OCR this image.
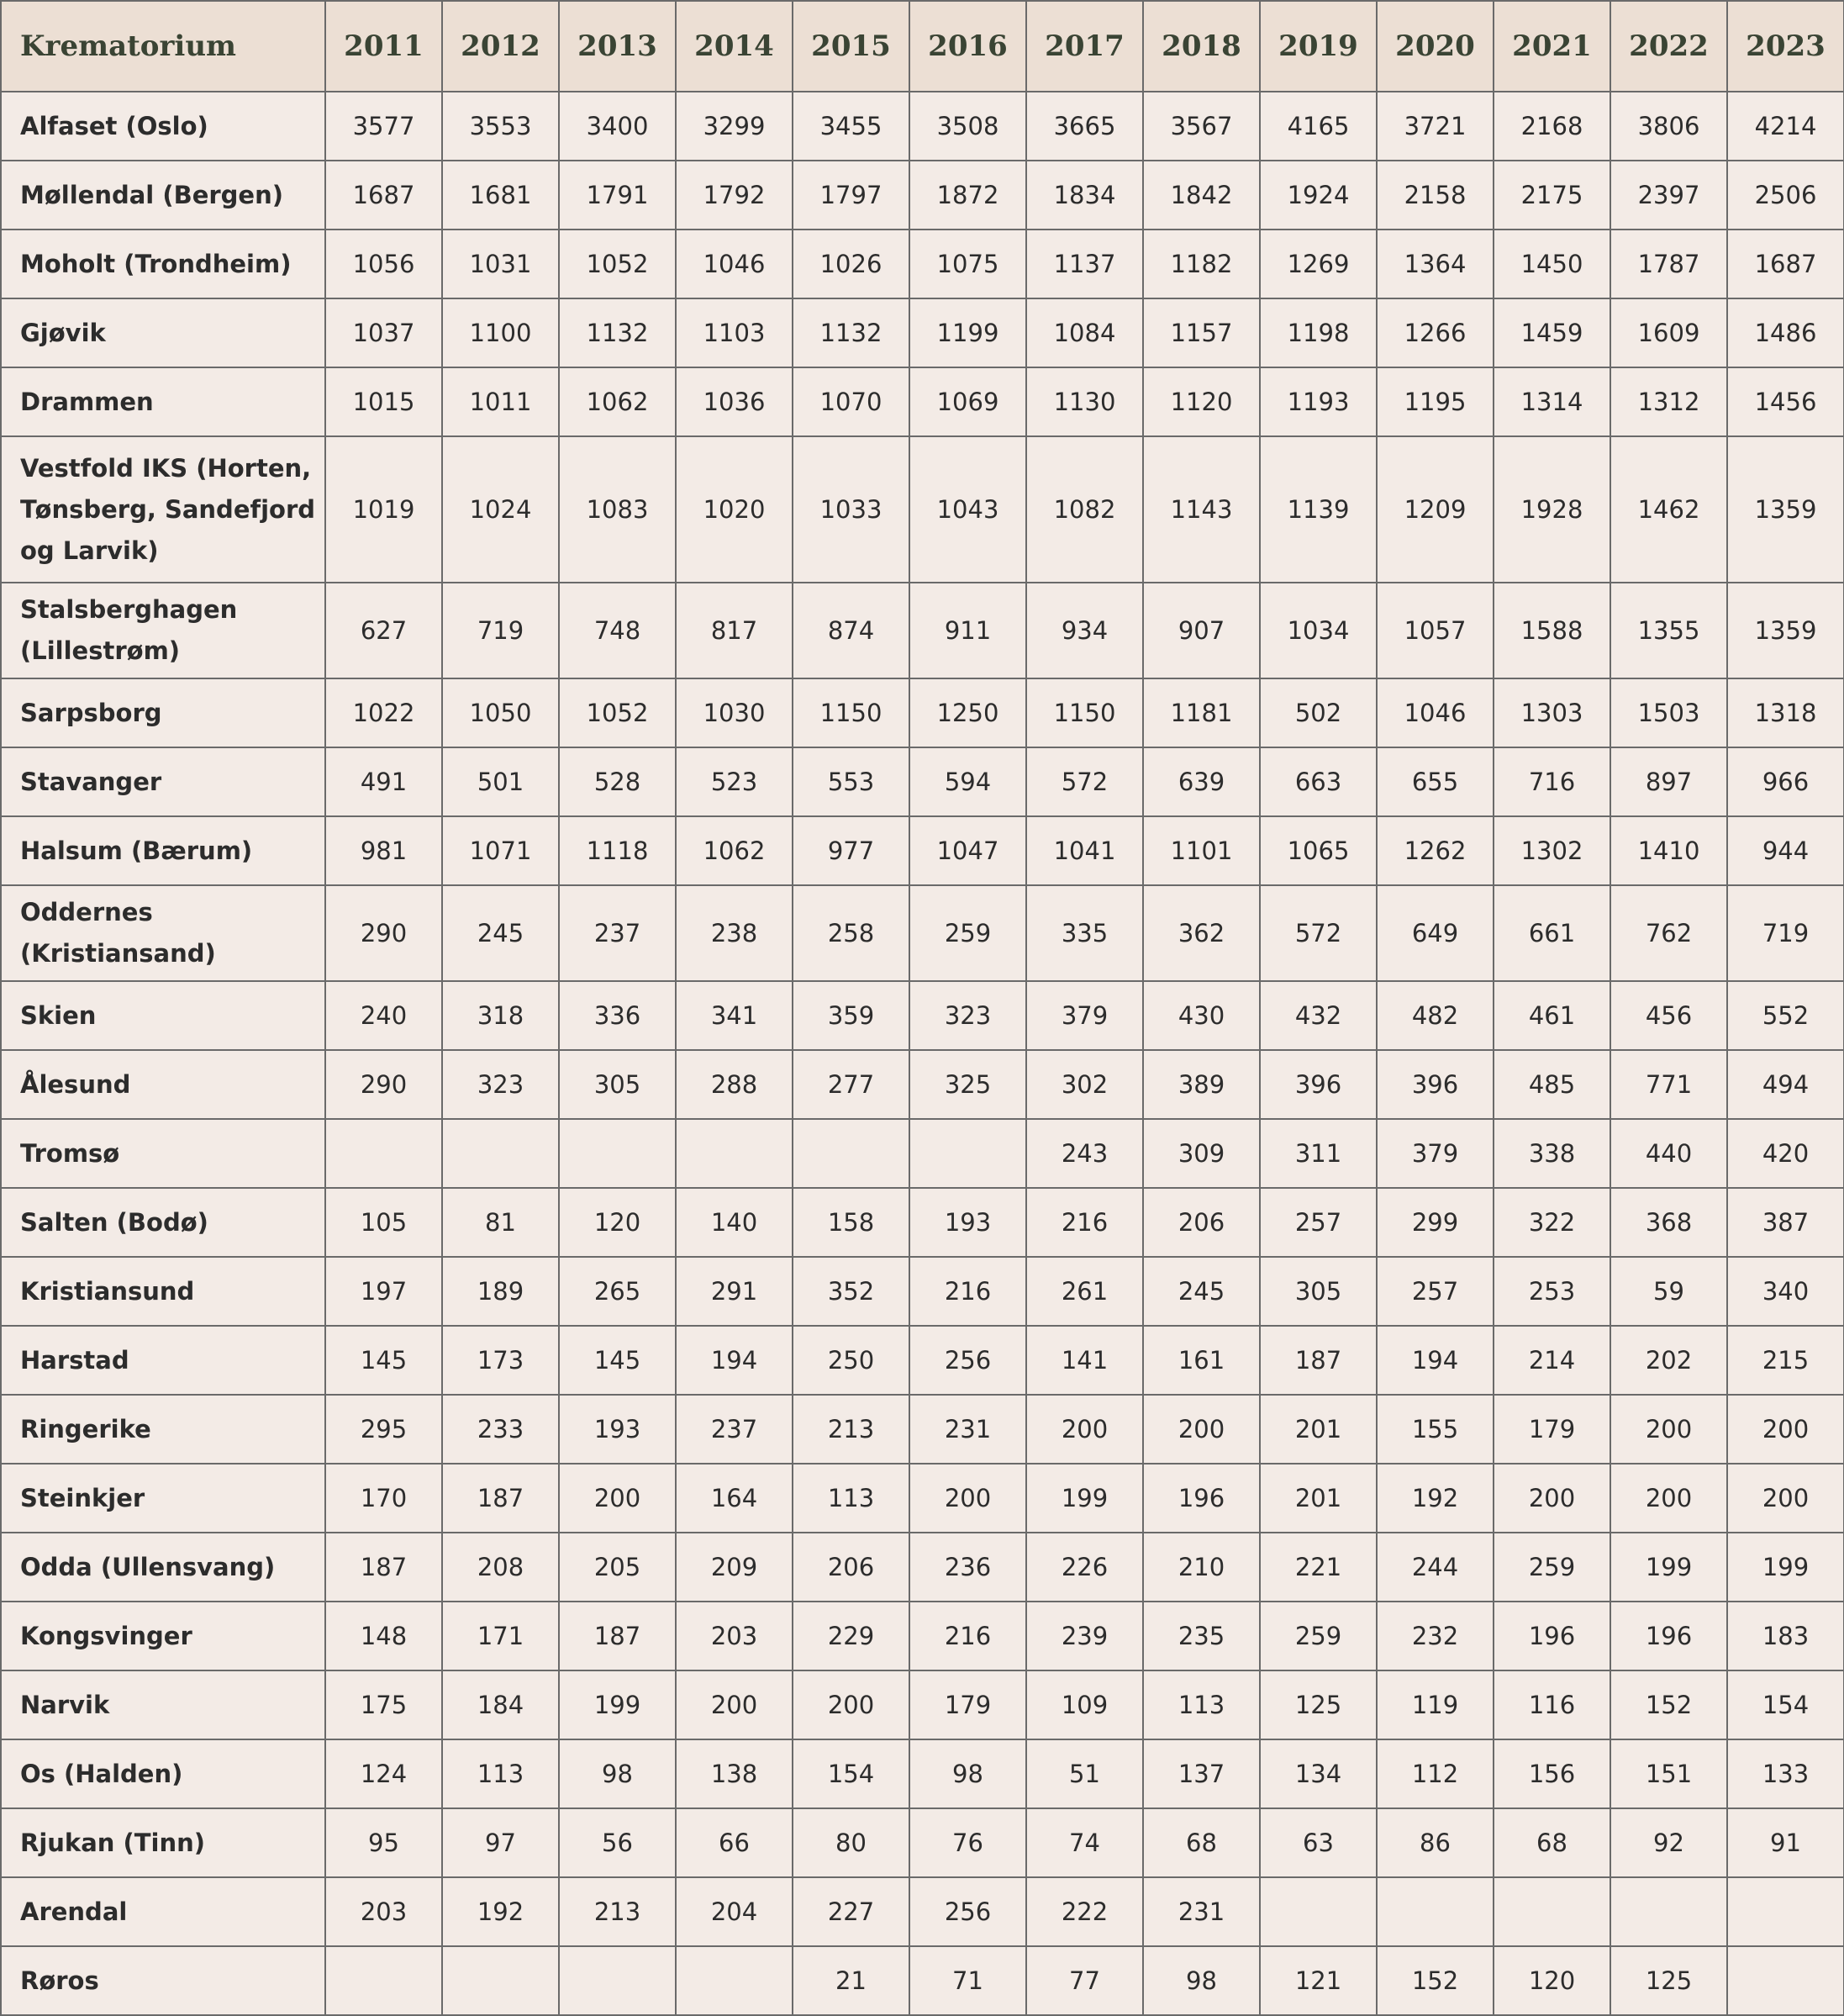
Krematorium	2011	2012	2013	2014	2015	2016	2017	2018	2019	2020	2021	2022	2023
Alfaset (Oslo)	3577	3553	3400	3299	3455	3508	3665	3567	4165	3721	2168	3806	4214
Møllendal (Bergen)	1687	1681	1791	1792	1797	1872	1834	1842	1924	2158	2175	2397	2506
Moholt (Trondheim)	1056	1031	1052	1046	1026	1075	1137	1182	1269	1364	1450	1787	1687
Gjøvik	1037	1100	1132	1103	1132	1199	1084	1157	1198	1266	1459	1609	1486
Drammen	1015	1011	1062	1036	1070	1069	1130	1120	1193	1195	1314	1312	1456
Vestfold IKS (Horten, Tønsberg, Sandefjord og Larvik)	1019	1024	1083	1020	1033	1043	1082	1143	1139	1209	1928	1462	1359
Stalsberghagen (Lillestrøm)	627	719	748	817	874	911	934	907	1034	1057	1588	1355	1359
Sarpsborg	1022	1050	1052	1030	1150	1250	1150	1181	502	1046	1303	1503	1318
Stavanger	491	501	528	523	553	594	572	639	663	655	716	897	966
Halsum (Bærum)	981	1071	1118	1062	977	1047	1041	1101	1065	1262	1302	1410	944
Oddernes (Kristiansand)	290	245	237	238	258	259	335	362	572	649	661	762	719
Skien	240	318	336	341	359	323	379	430	432	482	461	456	552
Ålesund	290	323	305	288	277	325	302	389	396	396	485	771	494
Tromsø							243	309	311	379	338	440	420
Salten (Bodø)	105	81	120	140	158	193	216	206	257	299	322	368	387
Kristiansund	197	189	265	291	352	216	261	245	305	257	253	59	340
Harstad	145	173	145	194	250	256	141	161	187	194	214	202	215
Ringerike	295	233	193	237	213	231	200	200	201	155	179	200	200
Steinkjer	170	187	200	164	113	200	199	196	201	192	200	200	200
Odda (Ullensvang)	187	208	205	209	206	236	226	210	221	244	259	199	199
Kongsvinger	148	171	187	203	229	216	239	235	259	232	196	196	183
Narvik	175	184	199	200	200	179	109	113	125	119	116	152	154
Os (Halden)	124	113	98	138	154	98	51	137	134	112	156	151	133
Rjukan (Tinn)	95	97	56	66	80	76	74	68	63	86	68	92	91
Arendal	203	192	213	204	227	256	222	231					
Røros					21	71	77	98	121	152	120	125	
